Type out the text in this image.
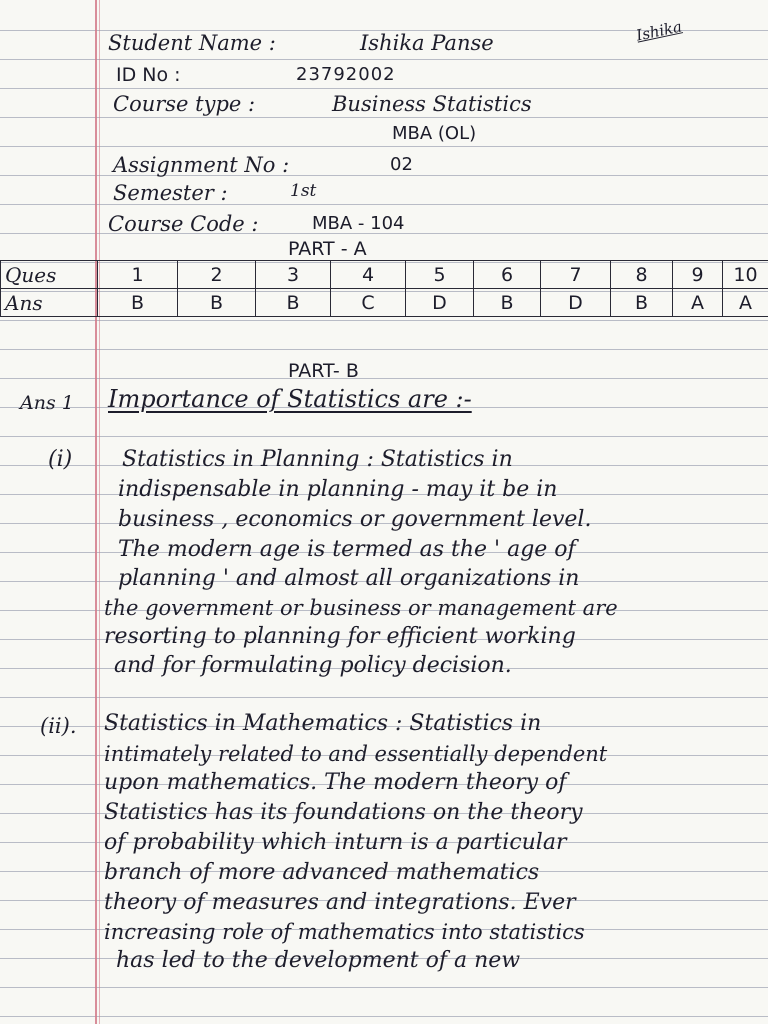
Ishika
Student Name :	Ishika Panse
ID No :	23792002
Course type :	Business Statistics
MBA (OL)
Assignment No :	02
Semester :	1st
Course Code :	MBA - 104
PART - A
Ques	1	2	3	4	5	6	7	8	9	10
Ans	B	B	B	C	D	B	D	B	A	A
PART- B
Ans 1 Importance of Statistics are :-
(i) Statistics in Planning : Statistics in
indispensable in planning - may it be in
business , economics or government level.
The modern age is termed as the ' age of
planning ' and almost all organizations in
the government or business or management are
resorting to planning for efficient working
and for formulating policy decision.
(ii). Statistics in Mathematics : Statistics in
intimately related to and essentially dependent
upon mathematics. The modern theory of
Statistics has its foundations on the theory
of probability which inturn is a particular
branch of more advanced mathematics
theory of measures and integrations. Ever
increasing role of mathematics into statistics
has led to the development of a new
